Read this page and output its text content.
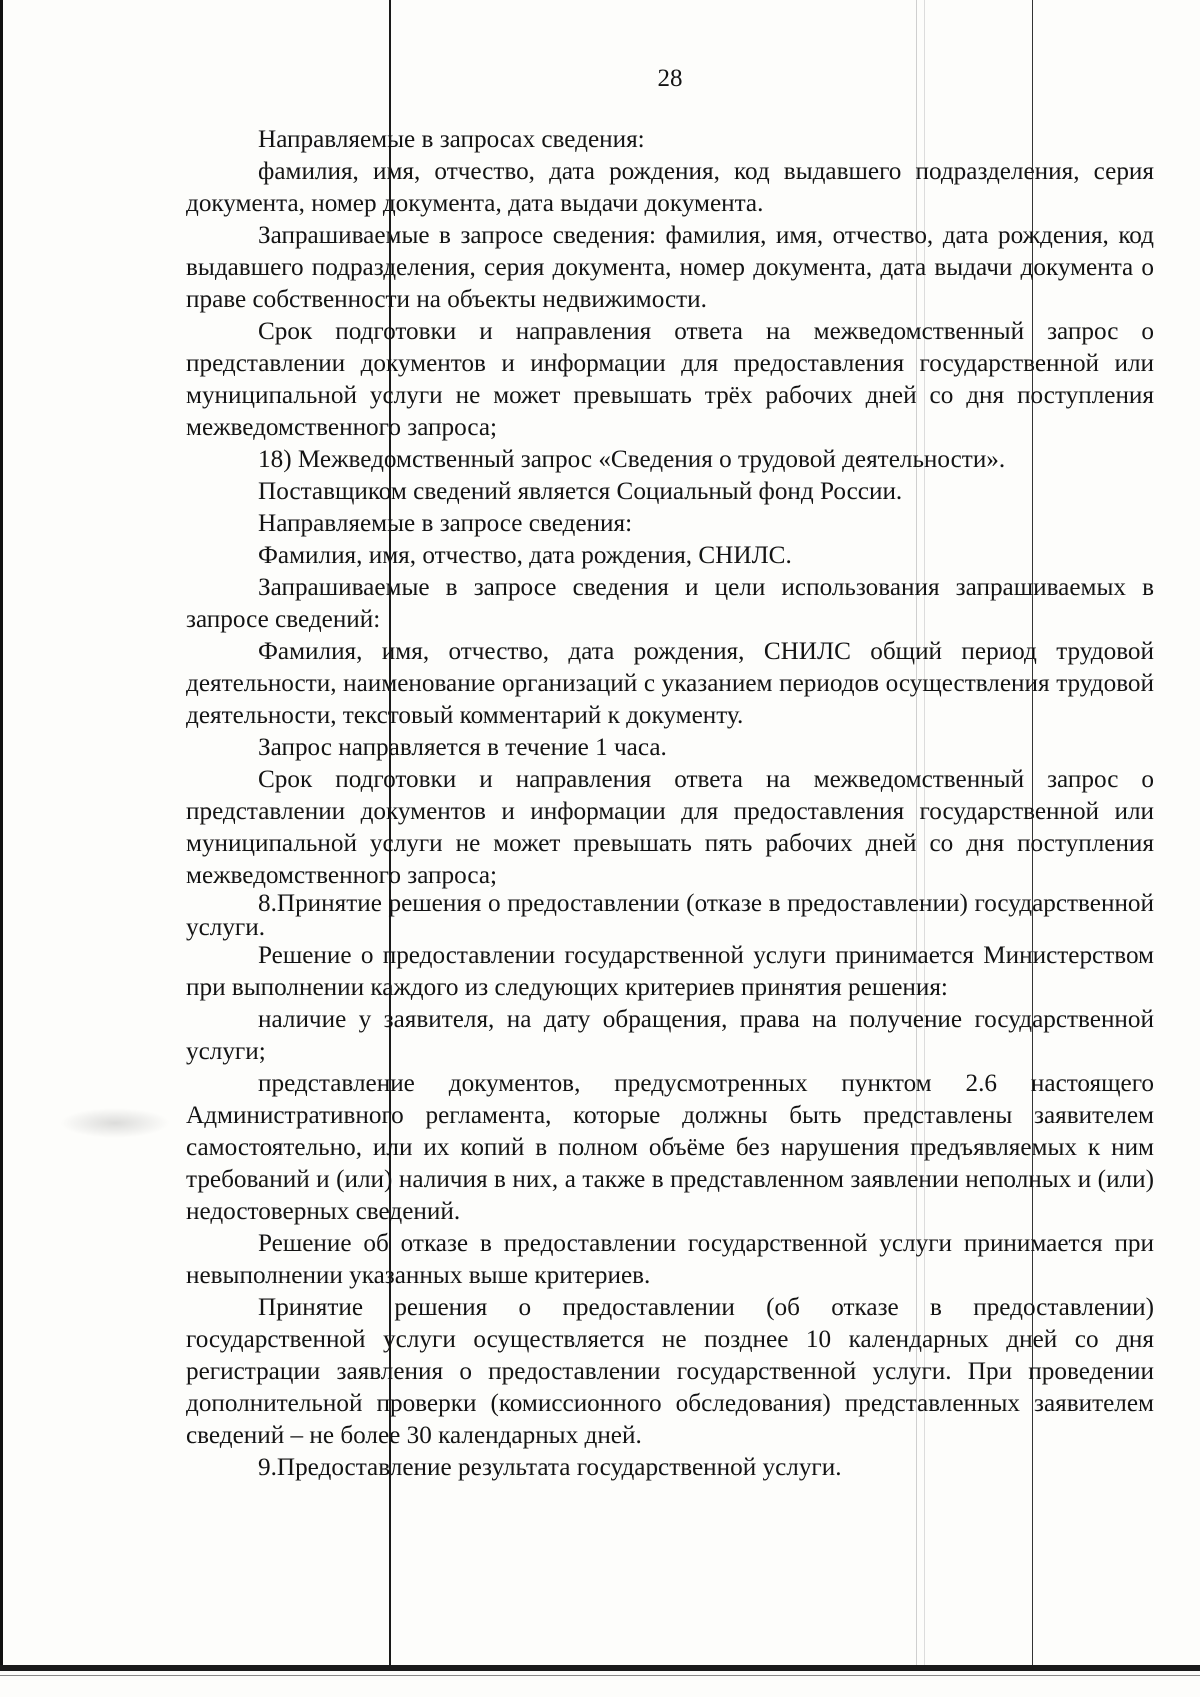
28

Направляемые в запросах сведения:

фамилия, имя, отчество, дата рождения, код выдавшего подразделения, серия документа, номер документа, дата выдачи документа.

Запрашиваемые в запросе сведения: фамилия, имя, отчество, дата рождения, код выдавшего подразделения, серия документа, номер документа, дата выдачи документа о праве собственности на объекты недвижимости.

Срок подготовки и направления ответа на межведомственный запрос о представлении документов и информации для предоставления государственной или муниципальной услуги не может превышать трёх рабочих дней со дня поступления межведомственного запроса;

18) Межведомственный запрос «Сведения о трудовой деятельности».

Поставщиком сведений является Социальный фонд России.

Направляемые в запросе сведения:

Фамилия, имя, отчество, дата рождения, СНИЛС.

Запрашиваемые в запросе сведения и цели использования запрашиваемых в запросе сведений:

Фамилия, имя, отчество, дата рождения, СНИЛС общий период трудовой деятельности, наименование организаций с указанием периодов осуществления трудовой деятельности, текстовый комментарий к документу.

Запрос направляется в течение 1 часа.

Срок подготовки и направления ответа на межведомственный запрос о представлении документов и информации для предоставления государственной или муниципальной услуги не может превышать пять рабочих дней со дня поступления межведомственного запроса;

8.Принятие решения о предоставлении (отказе в предоставлении) государственной услуги.

Решение о предоставлении государственной услуги принимается Министерством при выполнении каждого из следующих критериев принятия решения:

наличие у заявителя, на дату обращения, права на получение государственной услуги;

представление документов, предусмотренных пунктом 2.6 настоящего Административного регламента, которые должны быть представлены заявителем самостоятельно, или их копий в полном объёме без нарушения предъявляемых к ним требований и (или) наличия в них, а также в представленном заявлении неполных и (или) недостоверных сведений.

Решение об отказе в предоставлении государственной услуги принимается при невыполнении указанных выше критериев.

Принятие решения о предоставлении (об отказе в предоставлении) государственной услуги осуществляется не позднее 10 календарных дней со дня регистрации заявления о предоставлении государственной услуги. При проведении дополнительной проверки (комиссионного обследования) представленных заявителем сведений – не более 30 календарных дней.

9.Предоставление результата государственной услуги.
